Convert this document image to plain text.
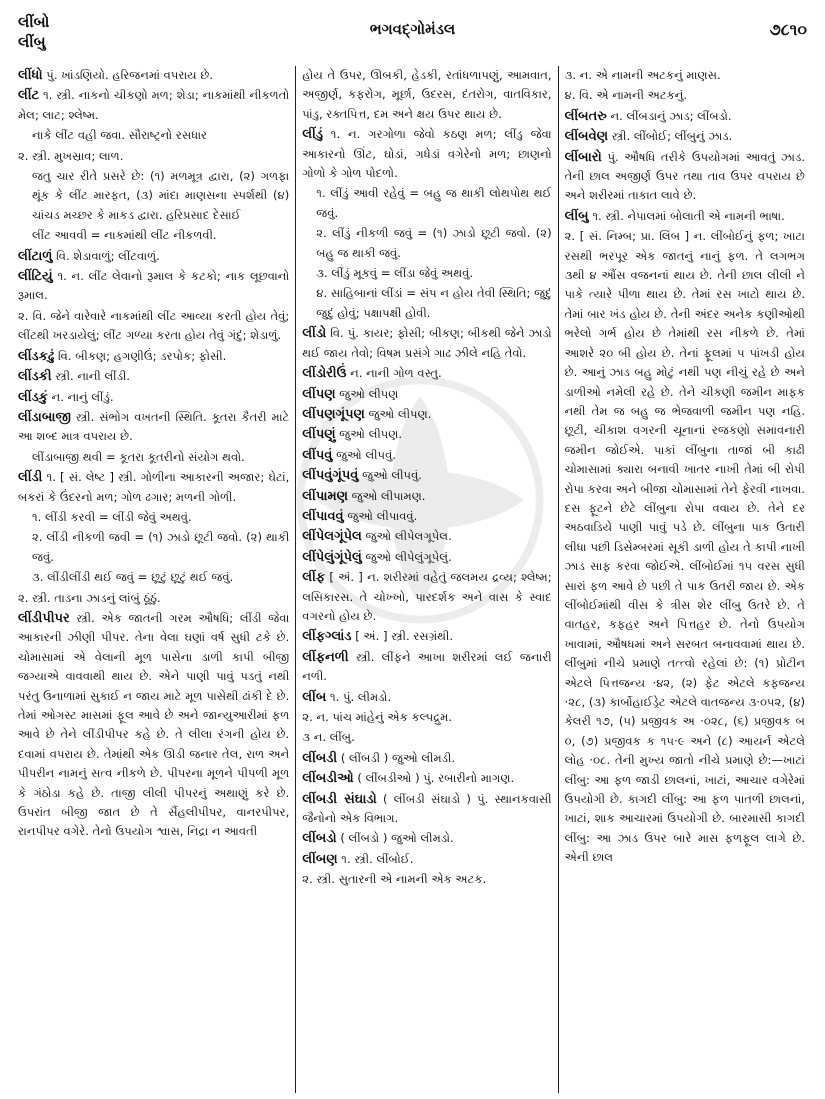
લીંબો
લીંબુ
ભગવદ્ગોમંડલ	૭૮૧૦
લીંધો પું. ખાંડણિયો. હરિજનમાં વપરાય છે.
લીંટ ૧. સ્ત્રી. નાકનો ચીકણો મળ; શેડા; નાકમાંથી નીકળતો મેલ; લાટ; શ્લેષ્મ.
નાકે લીંટ વહી જવા. સૌરાષ્ટ્રનો રસધાર
૨. સ્ત્રી. મુખસ્રાવ; લાળ.
જતુ ચાર રીતે પ્રસરે છે: (૧) મળમૂત્ર દ્વારા, (૨) ગળફા થૂંક કે લીંટ મારફત, (૩) માંદા માણસના સ્પર્શથી (૪) ચાંચડ મચ્છર કે માકડ દ્વારા. હરિપ્રસાદ દેસાઈ
લીંટ આવવી = નાકમાંથી લીંટ નીકળવી.
લીંટાળું વિ. શેડાવાળું; લીંટવાળું.
લીંટિયું ૧. ન. લીંટ લેવાનો રૂમાલ કે કટકો; નાક લૂછવાનો રૂમાલ.
૨. વિ. જેને વારેવારે નાકમાંથી લીંટ આવ્યા કરતી હોય તેવું; લીંટથી ખરડાયેલું; લીંટ ગળ્યા કરતા હોય તેવું ગંદું; શેડાળું.
લીંડકઢું વિ. બીકણ; હગણીઉં; ડરપોક; ફોસી.
લીંડકી સ્ત્રી. નાની લીંડી.
લીંડકું ન. નાનું લીંડું.
લીંડાબાજી સ્ત્રી. સંભોગ વખતની સ્થિતિ. કૂતરા કૈતરી માટે આ શબ્દ માત્ર વપરાય છે.
લીંડાબાજી થવી = કૂતરા કૂતરીનો સંયોગ થવો.
લીંડી ૧. [ સં. લેષ્ટ ] સ્ત્રી. ગોળીના આકારની અજાર; ઘેટાં, બકરાં કે ઉંદરનો મળ; ગોળ ઢગાર; મળની ગોળી.
૧. લીંડી કરવી = લીંડી જેવું અથવું.
૨. લીંડી નીકળી જવી = (૧) ઝાડો છૂટી જવો. (૨) થાકી જવું.
૩. લીંડીલીંડી થઈ જવું = છૂટું છૂટું થઈ જવું.
૨. સ્ત્રી. તાડના ઝાડનું લાંબું ઠૂંઠું.
લીંડીપીપર સ્ત્રી. એક જાતની ગરમ ઔષધિ; લીંડી જેવા આકારની ઝીણી પીપર. તેના વેલા ઘણાં વર્ષ સુધી ટકે છે. ચોમાસામાં એ વેલાની મૂળ પાસેના ડાળી કાપી બીજી જગ્યાએ વાવવાથી થાય છે. એને પાણી પાવું પડતું નથી પરંતુ ઉનાળામાં સુકાઈ ન જાય માટે મૂળ પાસેથી ઢાંકી દે છે. તેમાં ઓગસ્ટ માસમાં ફૂલ આવે છે અને જાન્યુઆરીમાં ફળ આવે છે તેને લીંડીપીપર કહે છે. તે લીલા રંગની હોય છે. દવામાં વપરાય છે. તેમાંથી એક ઊડી જનાર તેલ, રાળ અને પીપરીન નામનું સત્વ નીકળે છે. પીપરના મૂળને પીપળી મૂળ કે ગંઠોડા કહે છે. તાજી લીલી પીપરનું અથાણું કરે છે. ઉપરાંત બીજી જાત છે તે સૈંહલીપીપર, વાનરપીપર, રાનપીપર વગેરે. તેનો ઉપયોગ શ્વાસ, નિદ્રા ન આવતી
હોય તે ઉપર, ઊબકી, હેડકી, રતાંધળાપણું, આમવાત, અજીર્ણ, કફરોગ, મૂર્છા, ઉદરસ, દંતરોગ, વાતવિકાર, પાંડુ, રક્તપિત્ત, દમ અને ક્ષય ઉપર થાય છે.
લીંડું ૧. ન. ગરગોળા જેવો કઠણ મળ; લીંડુ જેવા આકારનો ઊંટ, ઘોડાં, ગધેડાં વગેરેનો મળ; છાણનો ગોળો કે ગોળ પોદળો.
૧. લીંડું આવી રહેવું = બહુ જ થાકી લોથપોથ થઈ જવું.
૨. લીંડું નીકળી જવું = (૧) ઝાડો છૂટી જવો. (૨) બહુ જ થાકી જવું.
૩. લીંડું મૂકવું = લીંડા જેવું અથવું.
૪. સાહિબાનાં લીંડાં = સંપ ન હોય તેવી સ્થિતિ; જુદું જુદું હોવું; પક્ષાપક્ષી હોવી.
લીંડો વિ. પું. કાયર; ફોસી; બીકણ; બીકથી જેને ઝાડો થઈ જાય તેવો; વિષમ પ્રસંગે ગાઢ ઝીલે નહિ તેવો.
લીંડોરીઉં ન. નાની ગોળ વસ્તુ.
લીંપણ જુઓ લીપણ
લીંપણગૂંપણ જુઓ લીપણ.
લીંપણું જુઓ લીપણ.
લીંપવું જુઓ લીપવું.
લીંપવુંગૂંપવું જુઓ લીપવું.
લીંપામણ જુઓ લીપામણ.
લીંપાવવું જુઓ લીપાવવું.
લીંપેલગૂંપેલ જુઓ લીપેલગૂપેલ.
લીંપેલુંગૂંપેલું જુઓ લીપેલુંગૂપેલું.
લીંફ [ અં. ] ન. શરીરમાં વહેતું જલમય દ્રવ્ય; શ્લેષ્મ; લસિકારસ. તે ચોખ્ખો, પારદર્શક અને વાસ કે સ્વાદ વગરનો હોય છે.
લીંફગ્લાંડ [ અં. ] સ્ત્રી. રસગ્રંથી.
લીંફનળી સ્ત્રી. લીંફને આખા શરીરમાં લઈ જનારી નળી.
લીંબ ૧. પું. લીમડો.
૨. ન. પાંચ માંહેનું એક કલ્પદ્રુમ.
૩ ન. લીંબુ.
લીંબડી ( લીંબડી ) જુઓ લીમડી.
લીંબડીઓ ( લીંબડીઓ ) પું. રબારીનો માગણ.
લીંબડી સંઘાડો ( લીંબડી સંઘાડો ) પું. સ્થાનકવાસી જૈનોનો એક વિભાગ.
લીંબડો ( લીંબડો ) જુઓ લીમડો.
લીંબણ ૧. સ્ત્રી. લીંબોઈ.
૨. સ્ત્રી. સુતારની એ નામની એક અટક.
૩. ન. એ નામની અટકનું માણસ.
૪. વિ. એ નામની અટકનું.
લીંબતરુ ન. લીંબડાનું ઝાડ; લીંબડો.
લીંબવેણ સ્ત્રી. લીંબોઈ; લીંબુનું ઝાડ.
લીંબારો પું. ઔષધિ તરીકે ઉપયોગમાં આવતું ઝાડ. તેની છાલ અજીર્ણ ઉપર તથા તાવ ઉપર વપરાય છે અને શરીરમાં તાકાત લાવે છે.
લીંબુ ૧. સ્ત્રી. નેપાલમાં બોલાતી એ નામની ભાષા.
૨. [ સં. નિમ્બ; પ્રા. લિંબ ] ન. લીંબોઈનું ફળ; ખાટા રસથી ભરપૂર એક જાતનું નાનું ફળ. તે લગભગ ૩થી ૪ ઔંસ વજનનાં થાય છે. તેની છાલ લીલી ને પાકે ત્યારે પીળા થાય છે. તેમાં રસ ખાટો થાય છે. તેમાં બાર ખંડ હોય છે. તેની અંદર અનેક કણીઓથી ભરેલો ગર્ભ હોય છે તેમાંથી રસ નીકળે છે. તેમાં આશરે ૨૦ બી હોય છે. તેનાં ફૂલમાં ૫ પાંખડી હોય છે. આનું ઝાડ બહુ મોટું નથી પણ નીચું રહે છે અને ડાળીઓ નમેલી રહે છે. તેને ચીકણી જમીન માફક નથી તેમ જ બહુ જ ભેજવાળી જમીન પણ નહિ. છૂટી, ચીકાશ વગરની ચૂનાનાં રજકણો સમાવનારી જમીન જોઈએ. પાકાં લીંબુના તાજાં બી કાઢી ચોમાસામાં ક્યારા બનાવી ખાતર નાખી તેમાં બી રોપી રોપા કરવા અને બીજા ચોમાસામાં તેને ફેરવી નાખવા. દસ ફૂટને છેટે લીંબુના રોપા વવાય છે. તેને દર અઠવાડિયે પાણી પાવું પડે છે. લીંબુના પાક ઉતારી લીધા પછી ડિસેમ્બરમાં સૂકી ડાળી હોય તે કાપી નાખી ઝાડ સાફ કરવા જોઈએ. લીંબોઈમાં ૧૫ વરસ સુધી સારાં ફળ આવે છે પછી તે પાક ઉતરી જાય છે. એક લીંબોઈમાંથી વીસ કે ત્રીસ શેર લીંબુ ઉતરે છે. તે વાતહર, કફહર અને પિત્તહર છે. તેનો ઉપયોગ ખાવામાં, ઔષધમાં અને સરબત બનાવવામાં થાય છે. લીંબુમાં નીચે પ્રમાણે તત્ત્વો રહેલાં છે: (૧) પ્રોટીન એટલે પિત્તજન્ય ·૪૨, (૨) ફેટ એટલે કફજન્ય ·૨૮, (૩) કાર્બોહાઈડ્રેટ એટલે વાતજન્ય ૩·૦૫૨, (૪) કેલરી ૧૭, (૫) પ્રજીવક અ ·૦૨૮, (૬) પ્રજીવક બ ૦, (૭) પ્રજીવક ક ૧૫·૯ અને (૮) આયર્ન એટલે લોહ ·૦૮. તેની મુખ્ય જાતો નીચે પ્રમાણે છે:—ખાટાં લીંબુ: આ ફળ જાડી છાલનાં, ખાટાં, આચાર વગેરેમાં ઉપયોગી છે. કાગદી લીંબુ: આ ફળ પાતળી છાલનાં, ખાટાં, શાક આચારમાં ઉપયોગી છે. બારમાસી કાગદી લીંબુ: આ ઝાડ ઉપર બારે માસ ફળફૂલ લાગે છે. એની છાલ
